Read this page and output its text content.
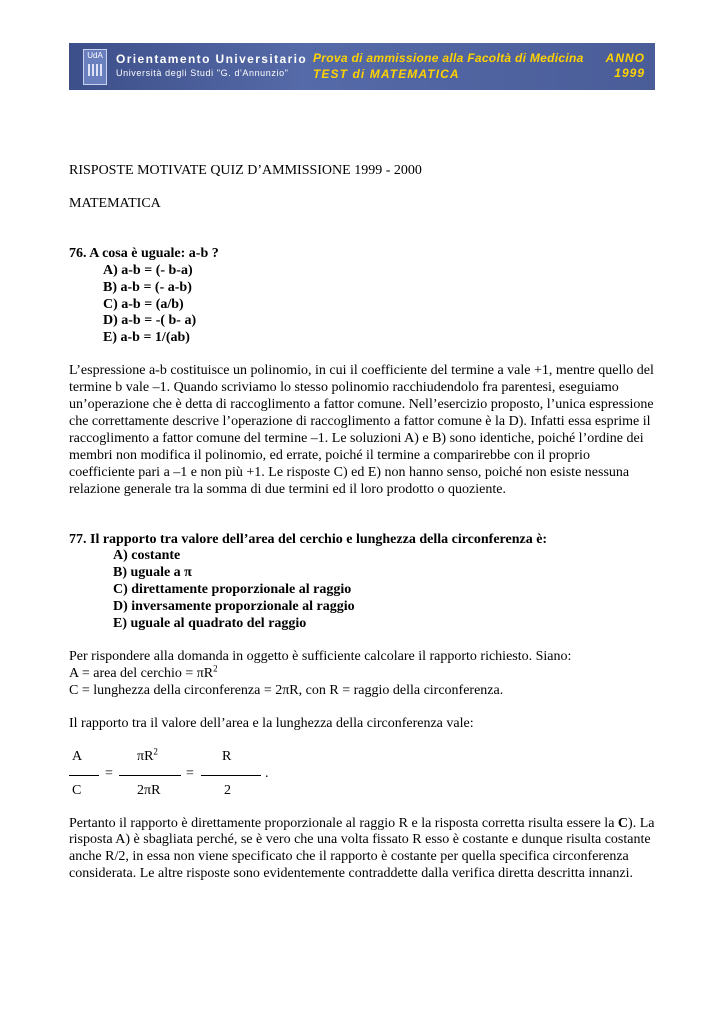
UdA	Orientamento Universitario
Università degli Studi "G. d'Annunzio"
Prova di ammissione alla Facoltà di Medicina
TEST di MATEMATICA
ANNO
1999

RISPOSTE MOTIVATE QUIZ D’AMMISSIONE 1999 - 2000

MATEMATICA

76. A cosa è uguale: a-b ?

A) a-b = (- b-a)

B) a-b = (- a-b)

C) a-b = (a/b)

D) a-b = -( b- a)

E) a-b = 1/(ab)

L’espressione a-b costituisce un polinomio, in cui il coefficiente del termine a vale +1, mentre quello del termine b vale –1. Quando scriviamo lo stesso polinomio racchiudendolo fra parentesi, eseguiamo un’operazione che è detta di raccoglimento a fattor comune. Nell’esercizio proposto, l’unica espressione che correttamente descrive l’operazione di raccoglimento a fattor comune è la D). Infatti essa esprime il raccoglimento a fattor comune del termine –1. Le soluzioni A) e B) sono identiche, poiché l’ordine dei membri non modifica il polinomio, ed errate, poiché il termine a comparirebbe con il proprio coefficiente pari a –1 e non più +1. Le risposte C) ed E) non hanno senso, poiché non esiste nessuna relazione generale tra la somma di due termini ed il loro prodotto o quoziente.

77. Il rapporto tra valore dell’area del cerchio e lunghezza della circonferenza è:

A) costante

B) uguale a π

C) direttamente proporzionale al raggio

D) inversamente proporzionale al raggio

E) uguale al quadrato del raggio

Per rispondere alla domanda in oggetto è sufficiente calcolare il rapporto richiesto. Siano:

A = area del cerchio = $\pi R^2$

C = lunghezza della circonferenza = 2πR, con R = raggio della circonferenza.

Il rapporto tra il valore dell’area e la lunghezza della circonferenza vale:

A	$\pi R^2$	R
=	=	.
C	2πR	2

Pertanto il rapporto è direttamente proporzionale al raggio R e la risposta corretta risulta essere la C). La risposta A) è sbagliata perché, se è vero che una volta fissato R esso è costante e dunque risulta costante anche R/2, in essa non viene specificato che il rapporto è costante per quella specifica circonferenza considerata. Le altre risposte sono evidentemente contraddette dalla verifica diretta descritta innanzi.
